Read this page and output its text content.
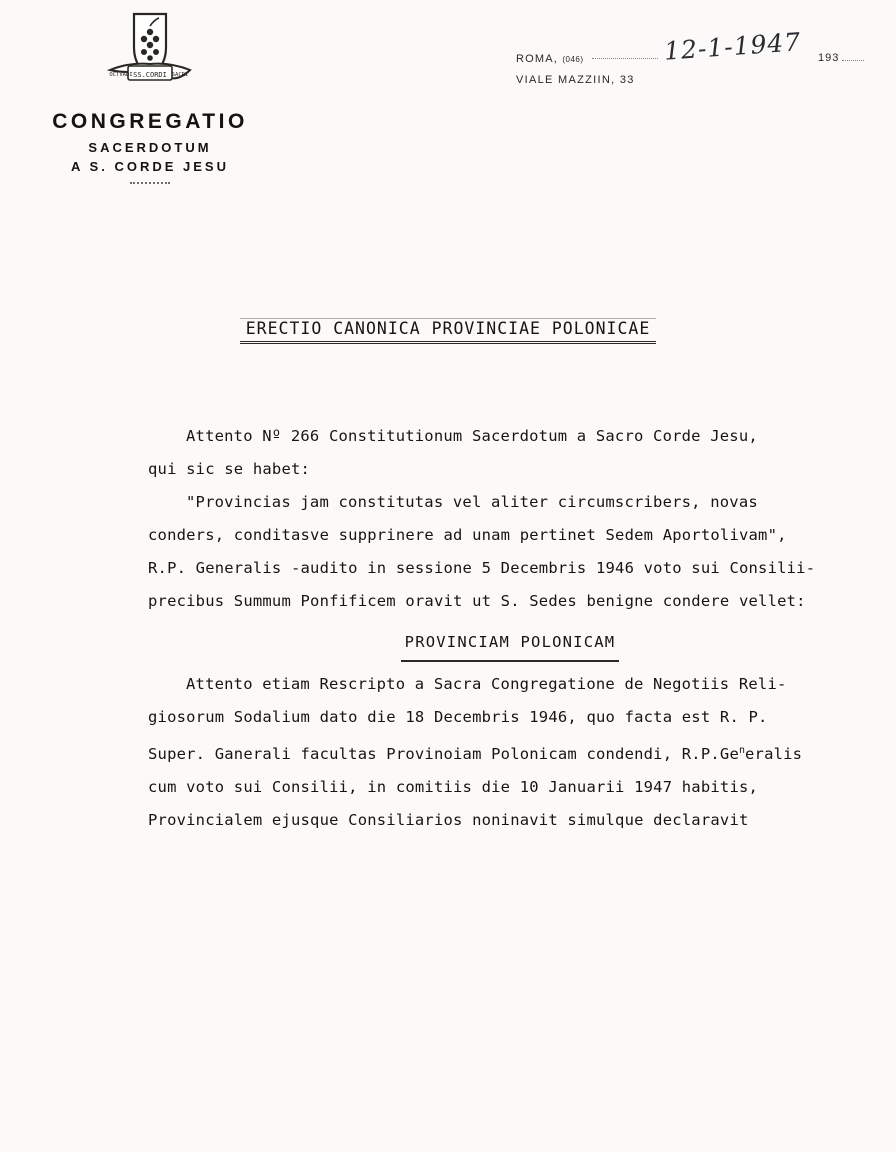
SS.CORDI
OCTVADI	SACRI
CONGREGATIO
SACERDOTUM
A S. CORDE JESU
ROMA, (046)
VIALE MAZZIIN, 33
12-1-1947 193
ERECTIO CANONICA PROVINCIAE POLONICAE

Attento Nº 266 Constitutionum Sacerdotum a Sacro Corde Jesu,

qui sic se habet:

"Provincias jam constitutas vel aliter circumscribers, novas

conders, conditasve supprinere ad unam pertinet Sedem Aportolivam",

R.P. Generalis -audito in sessione 5 Decembris 1946 voto sui Consilii-

precibus Summum Ponfificem oravit ut S. Sedes benigne condere vellet:

PROVINCIAM POLONICAM

Attento etiam Rescripto a Sacra Congregatione de Negotiis Reli-

giosorum Sodalium dato die 18 Decembris 1946, quo facta est R. P.

Super. Ganerali facultas Provinoiam Polonicam condendi, R.P.Ge$^n$eralis

cum voto sui Consilii, in comitiis die 10 Januarii 1947 habitis,

Provincialem ejusque Consiliarios noninavit simulque declaravit
